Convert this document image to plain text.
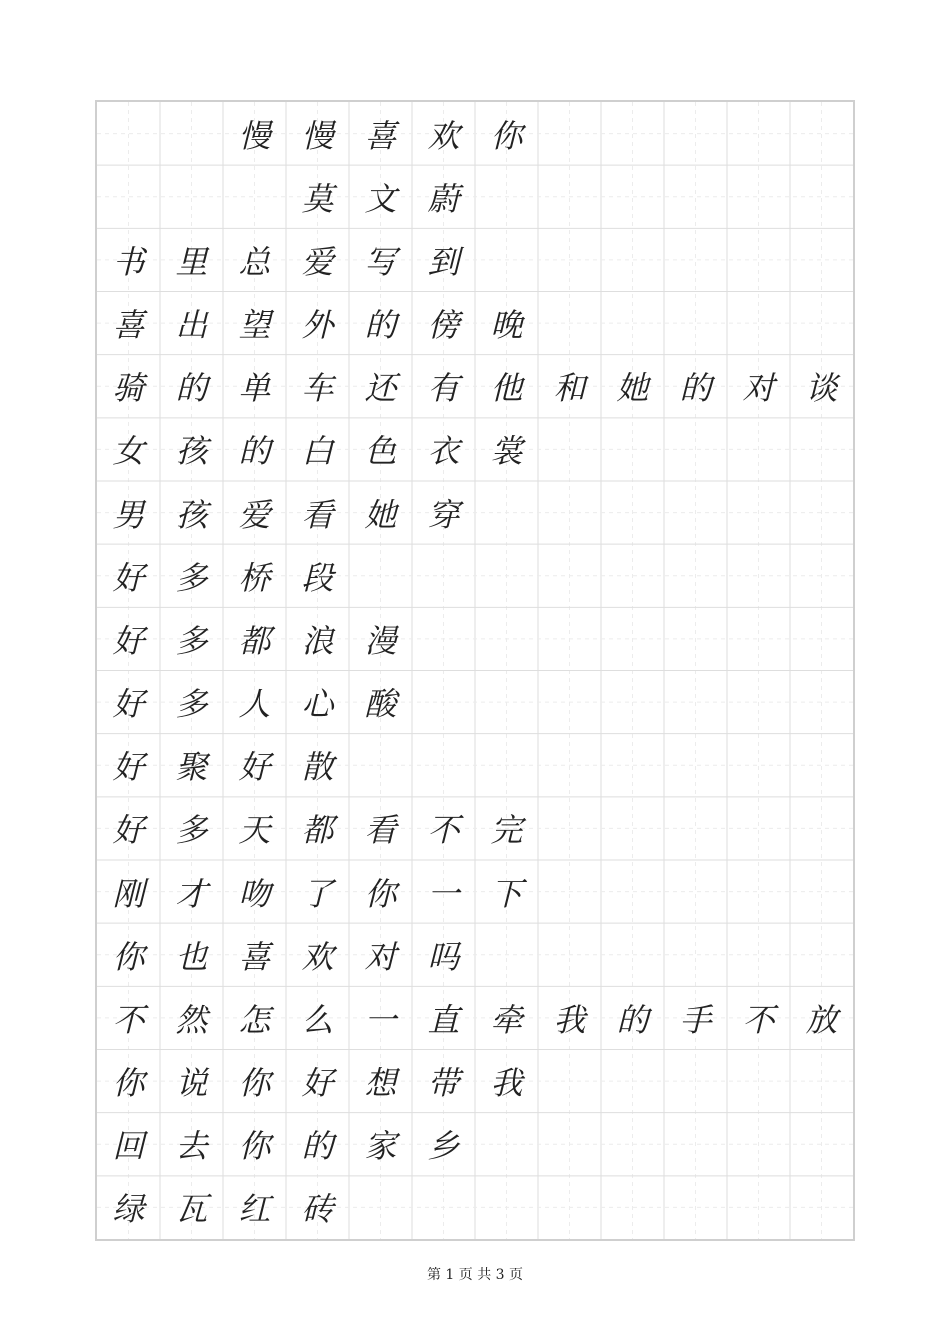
慢 慢 喜 欢 你
莫 文 蔚
书 里 总 爱 写 到
喜 出 望 外 的 傍 晚
骑 的 单 车 还 有 他 和 她 的 对 谈
女 孩 的 白 色 衣 裳
男 孩 爱 看 她 穿
好 多 桥 段
好 多 都 浪 漫
好 多 人 心 酸
好 聚 好 散
好 多 天 都 看 不 完
刚 才 吻 了 你 一 下
你 也 喜 欢 对 吗
不 然 怎 么 一 直 牵 我 的 手 不 放
你 说 你 好 想 带 我
回 去 你 的 家 乡
绿 瓦 红 砖
第 1 页 共 3 页
